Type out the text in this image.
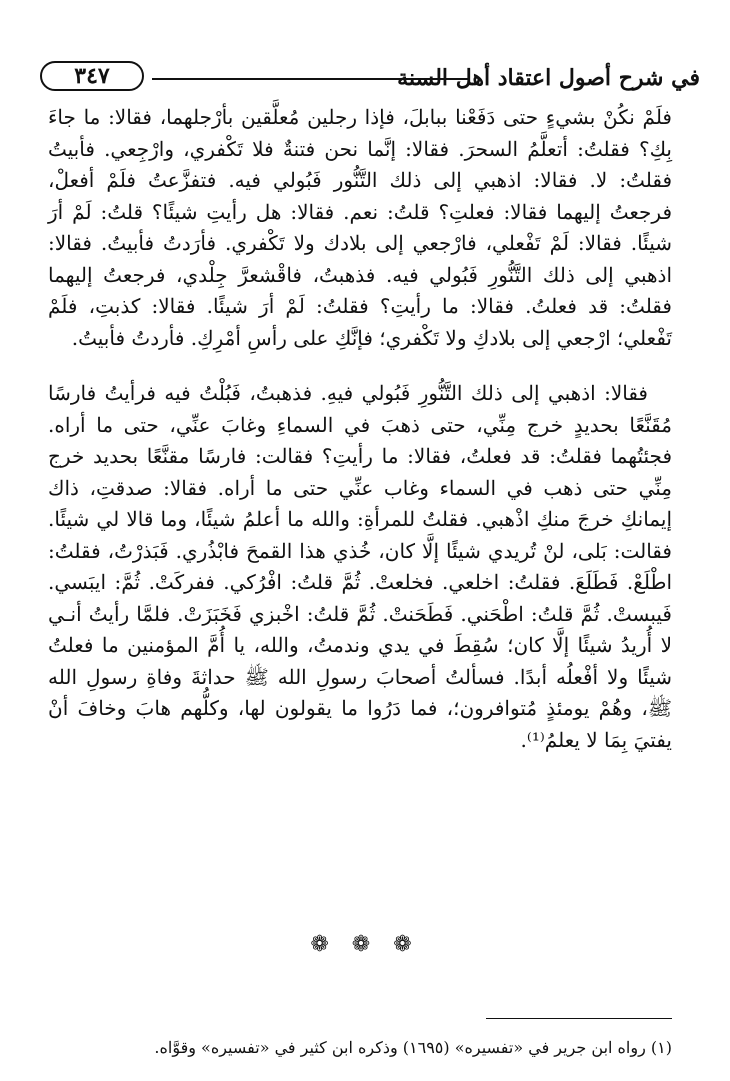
٣٤٧	في شرح أصول اعتقاد أهل السنة

فلَمْ نكُنْ بشيءٍ حتى دَفَعْنا ببابلَ، فإذا رجلين مُعلَّقين بأرْجلهما، فقالا: ما جاءَ بِكِ؟ فقلتُ: أتعلَّمُ السحرَ. فقالا: إنَّما نحن فتنةٌ فلا تَكْفري، وارْجِعي. فأبيتُ فقلتُ: لا. فقالا: اذهبي إلى ذلك التَّنُّور فَبُولي فيه. فتفزَّعتُ فلَمْ أفعلْ، فرجعتُ إليهما فقالا: فعلتِ؟ قلتُ: نعم. فقالا: هل رأيتِ شيئًا؟ قلتُ: لَمْ أرَ شيئًا. فقالا: لَمْ تَفْعلي، فارْجعي إلى بلادك ولا تَكْفري. فأرَدتُ فأبيتُ. فقالا: اذهبي إلى ذلك التَّنُّورِ فَبُولي فيه. فذهبتُ، فاقْشعرَّ جِلْدي، فرجعتُ إليهما فقلتُ: قد فعلتُ. فقالا: ما رأيتِ؟ فقلتُ: لَمْ أرَ شيئًا. فقالا: كذبتِ، فلَمْ تَفْعلي؛ ارْجعي إلى بلادكِ ولا تَكْفري؛ فإنَّكِ على رأسِ أمْرِكِ. فأردتُ فأبيتُ.

فقالا: اذهبي إلى ذلك التَّنُّورِ فَبُولي فيهِ. فذهبتُ، فَبُلْتُ فيه فرأيتُ فارسًا مُقَنَّعًا بحديدٍ خرج مِنِّي، حتى ذهبَ في السماءِ وغابَ عنِّي، حتى ما أراه. فجئتُهما فقلتُ: قد فعلتُ، فقالا: ما رأيتِ؟ فقالت: فارسًا مقنَّعًا بحديد خرج مِنِّي حتى ذهب في السماء وغاب عنِّي حتى ما أراه. فقالا: صدقتِ، ذاك إيمانكِ خرجَ منكِ اذْهبي. فقلتُ للمرأةِ: والله ما أعلمُ شيئًا، وما قالا لي شيئًا. فقالت: بَلى، لنْ تُريدي شيئًا إلَّا كان، خُذي هذا القمحَ فابْذُري. فَبَذرْتُ، فقلتُ: اطْلَعْ. فَطَلَعَ. فقلتُ: اخلعي. فخلعتْ. ثُمَّ قلتُ: افْرُكي. ففركَتْ. ثُمَّ: ايبَسي. فَيبستْ. ثُمَّ قلتُ: اطْحَني. فَطَحَنتْ. ثُمَّ قلتُ: اخْبزي فَخَبَزَتْ. فلمَّا رأيتُ أنـي لا أُريدُ شيئًا إلَّا كان؛ سُقِطَ في يدي وندمتُ، والله، يا أُمَّ المؤمنين ما فعلتُ شيئًا ولا أفْعلُه أبدًا. فسألتُ أصحابَ رسولِ الله ﷺ حداثةَ وفاةِ رسولِ الله ﷺ، وهُمْ يومئذٍ مُتوافرون؛، فما دَرُوا ما يقولون لها، وكلُّهم هابَ وخافَ أنْ يفتيَ بِمَا لا يعلمُ⁽¹⁾.

❁ ❁ ❁
(١) رواه ابن جرير في «تفسيره» (١٦٩٥) وذكره ابن كثير في «تفسيره» وقوَّاه.
